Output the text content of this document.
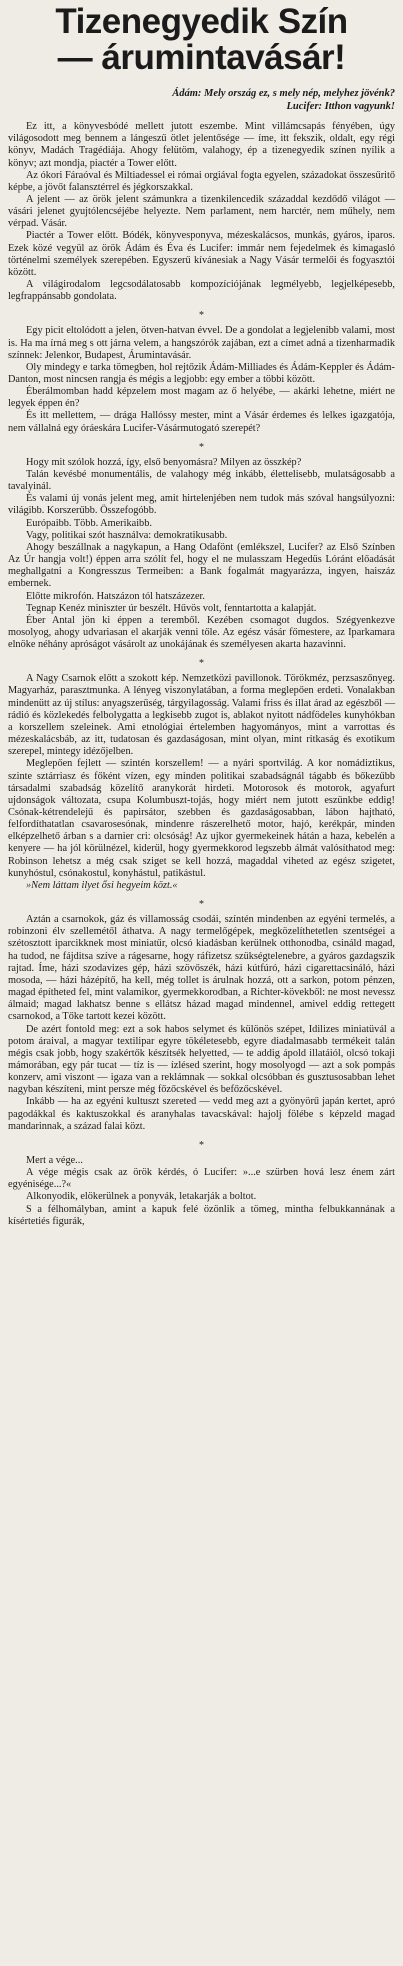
Tizenegyedik Szín
— árumintavásár!

Ádám: Mely ország ez, s mely nép, melyhez jövénk?

Lucifer: Itthon vagyunk!

Ez itt, a könyvesbódé mellett jutott eszembe. Mint villámcsapás fényében, úgy világosodott meg bennem a lángeszű ötlet jelentősége — íme, itt fekszik, oldalt, egy régi könyv, Madách Tragédiája. Ahogy felütöm, valahogy, ép a tizenegyedik színen nyílik a könyv; azt mondja, piactér a Tower előtt.

Az ókori Fáraóval és Miltiadessel ei római orgiával fogta egyelen, századokat összesűritő képbe, a jövőt falansztérrel és jégkorszakkal.

A jelent — az örök jelent számunkra a tizenkilencedik századdal kezdődő világot — vásári jelenet gyujtólencséjébe helyezte. Nem parlament, nem harctér, nem műhely, nem vérpad. Vásár.

Piactér a Tower előtt. Bódék, könyvesponyva, mézeskalácsos, munkás, gyáros, iparos. Ezek közé vegyül az örök Ádám és Éva és Lucifer: immár nem fejedelmek és kimagasló történelmi személyek szerepében. Egyszerű kívánesiak a Nagy Vásár termelői és fogyasztói között.

A világirodalom legcsodálatosabb kompozíciójának legmélyebb, legjelképesebb, legfrappánsabb gondolata.

*

Egy picit eltolódott a jelen, ötven-hatvan évvel. De a gondolat a legjelenibb valami, most is. Ha ma írná meg s ott járna velem, a hangszórók zajában, ezt a címet adná a tizenharmadik színnek: Jelenkor, Budapest, Árumintavásár.

Oly mindegy e tarka tömegben, hol rejtőzik Ádám-Milliades és Ádám-Keppler és Ádám-Danton, most nincsen rangja és mégis a legjobb: egy ember a többi között.

Éberálmomban hadd képzelem most magam az ő helyébe, — akárki lehetne, miért ne legyek éppen én?

És itt mellettem, — drága Hallóssy mester, mint a Vásár érdemes és lelkes igazgatója, nem vállalná egy óráeskára Lucifer-Vásármutogató szerepét?

*

Hogy mit szólok hozzá, így, első benyomásra? Milyen az összkép?

Talán kevésbé monumentális, de valahogy még inkább, élettelisebb, mulatságosabb a tavalyinál.

És valami új vonás jelent meg, amit hirtelenjében nem tudok más szóval hangsúlyozni: világibb. Korszerűbb. Összefogóbb.

Európaibb. Több. Amerikaibb.

Vagy, politikai szót használva: demokratikusabb.

Ahogy beszállnak a nagykapun, a Hang Odafönt (emlékszel, Lucifer? az Első Színben Az Úr hangja volt!) éppen arra szólít fel, hogy el ne mulasszam Hegedüs Lóránt előadását meghallgatni a Kongresszus Termeiben: a Bank fogalmát magyarázza, ingyen, haiszáz embernek.

Előtte mikrofón. Hatszázon tól hatszázezer.

Tegnap Kenéz miniszter úr beszélt. Hűvös volt, fenntartotta a kalapját.

Éber Antal jön ki éppen a teremből. Kezében csomagot dugdos. Szégyenkezve mosolyog, ahogy udvariasan el akarják venni tőle. Az egész vásár főmestere, az Iparkamara elnöke néhány apróságot vásárolt az unokájának és személyesen akarta hazavinni.

*

A Nagy Csarnok előtt a szokott kép. Nemzetközi pavillonok. Törökméz, perzsaszőnyeg. Magyarház, parasztmunka. A lényeg viszonylatában, a forma meglepően erdeti. Vonalakban mindenütt az új stílus: anyagszerűség, tárgyilagosság. Valami friss és illat árad az egészből — rádió és közlekedés felbolygatta a legkisebb zugot is, ablakot nyitott nádfödeles kunyhókban a korszellem szeleinek. Ami etnológiai értelemben hagyományos, mint a varrottas és mézeskalácsbáb, az itt, tudatosan és gazdaságosan, mint olyan, mint ritkaság és exotikum szerepel, mintegy idézőjelben.

Meglepően fejlett — szintén korszellem! — a nyári sportvilág. A kor nomádiztikus, szinte sztárriasz és főként vízen, egy minden politikai szabadságnál tágabb és bőkezűbb társadalmi szabadság közelítő aranykorát hirdeti. Motorosok és motorok, agyafurt ujdonságok változata, csupa Kolumbuszt-tojás, hogy miért nem jutott eszünkbe eddig! Csónak-kétrendelejű és papirsátor, szebben és gazdaságosabban, lábon hajtható, felfordíthatatlan csavarosesónak, mindenre rászerelhető motor, hajó, kerékpár, minden elképzelhető árban s a darnier cri: olcsóság! Az ujkor gyermekeinek hátán a haza, kebelén a kenyere — ha jól körülnézel, kiderül, hogy gyermekkorod legszebb álmát valósíthatod meg: Robinson lehetsz a még csak sziget se kell hozzá, magaddal viheted az egész szigetet, kunyhóstul, csónakostul, konyhástul, patikástul.

»Nem láttam ilyet ősi hegyeim közt.«

*

Aztán a csarnokok, gáz és villamosság csodái, színtén mindenben az egyéni termelés, a robinzoni élv szellemétől áthatva. A nagy termelőgépek, megközelíthetetlen szentségei a szétosztott iparcikknek most miniatűr, olcsó kiadásban kerülnek otthonodba, csináld magad, ha tudod, ne fájditsa szíve a rágesarne, hogy ráfizetsz szükségtelenebre, a gyáros gazdagszik rajtad. Íme, házi szodavizes gép, házi szövőszék, házi kútfúró, házi cigarettacsináló, házi mosoda, — házi házépítő, ha kell, még tollet is árulnak hozzá, ott a sarkon, potom pénzen, magad építheted fel, mint valamikor, gyermekkorodban, a Richter-kövekből: ne most nevessz álmaid; magad lakhatsz benne s ellátsz házad magad mindennel, amivel eddig rettegett csarnokod, a Tőke tartott kezei között.

De azért fontold meg: ezt a sok habos selymet és különös szépet, Idilizes miniatüvál a potom áraival, a magyar textilipar egyre tökéletesebb, egyre diadalmasabb termékeit talán mégis csak jobb, hogy szakértők készítsék helyetted, — te addig ápold illatáiól, olcsó tokaji mámorában, egy pár tucat — tíz is — ízlésed szerint, hogy mosolyogd — azt a sok pompás konzerv, ami viszont — igaza van a reklámnak — sokkal olcsóbban és gusztusosabban lehet nagyban készíteni, mint persze még főzőcskével és befőzőcskével.

Inkább — ha az egyéni kultuszt szereted — vedd meg azt a gyönyörű japán kertet, apró pagodákkal és kaktuszokkal és aranyhalas tavacskával: hajolj fölébe s képzeld magad mandarinnak, a század falai közt.

*

Mert a vége...

A vége mégis csak az örök kérdés, ó Lucifer: »...e szürben hová lesz énem zárt egyénisége...?«

Alkonyodik, elökerülnek a ponyvák, letakarják a boltot.

S a félhomályban, amint a kapuk felé özönlik a tömeg, mintha felbukkannának a kísértetiés figurák,
